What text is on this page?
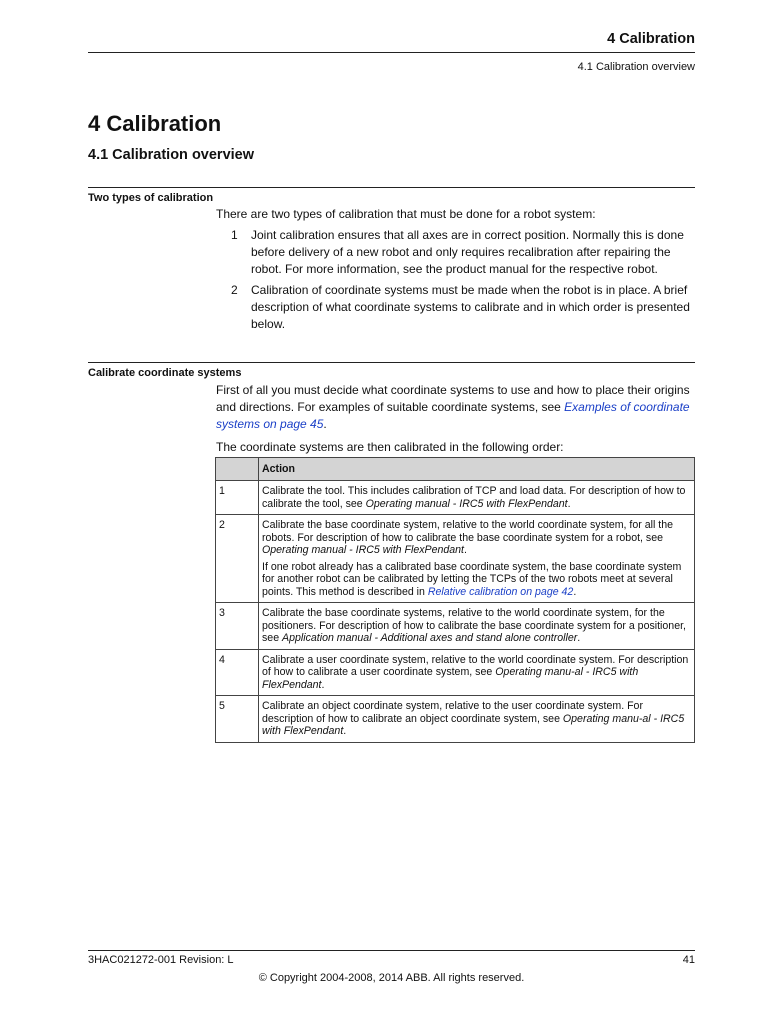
4 Calibration
4.1 Calibration overview
4 Calibration
4.1 Calibration overview
Two types of calibration

There are two types of calibration that must be done for a robot system:

1 Joint calibration ensures that all axes are in correct position. Normally this is done before delivery of a new robot and only requires recalibration after repairing the robot. For more information, see the product manual for the respective robot.
2 Calibration of coordinate systems must be made when the robot is in place. A brief description of what coordinate systems to calibrate and in which order is presented below.
Calibrate coordinate systems

First of all you must decide what coordinate systems to use and how to place their origins and directions. For examples of suitable coordinate systems, see Examples of coordinate systems on page 45.

The coordinate systems are then calibrated in the following order:

	Action
1	Calibrate the tool. This includes calibration of TCP and load data. For description of how to calibrate the tool, see Operating manual - IRC5 with FlexPendant.

2	Calibrate the base coordinate system, relative to the world coordinate system, for all the robots. For description of how to calibrate the base coordinate system for a robot, see Operating manual - IRC5 with FlexPendant.

If one robot already has a calibrated base coordinate system, the base coordinate system for another robot can be calibrated by letting the TCPs of the two robots meet at several points. This method is described in Relative calibration on page 42.

3	Calibrate the base coordinate systems, relative to the world coordinate system, for the positioners. For description of how to calibrate the base coordinate system for a positioner, see Application manual - Additional axes and stand alone controller.

4	Calibrate a user coordinate system, relative to the world coordinate system. For description of how to calibrate a user coordinate system, see Operating manu-al - IRC5 with FlexPendant.

5	Calibrate an object coordinate system, relative to the user coordinate system. For description of how to calibrate an object coordinate system, see Operating manu-al - IRC5 with FlexPendant.

3HAC021272-001 Revision: L	41
© Copyright 2004-2008, 2014 ABB. All rights reserved.
